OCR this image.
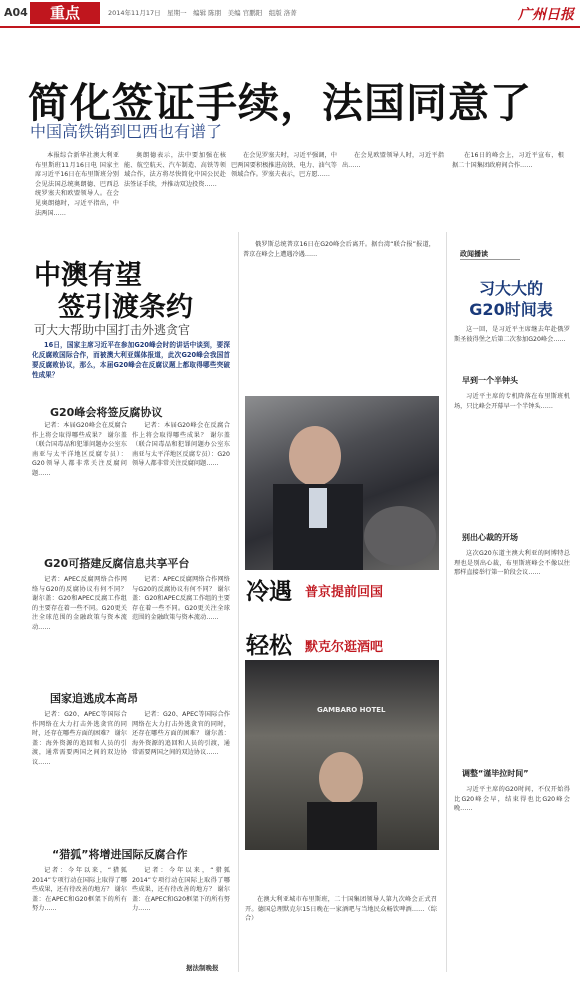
A04	重点	2014年11月17日　星期一　编辑 陈朋　美编 官鹏阳　组版 洛菁	广州日报
简化签证手续，法国同意了
中国高铁销到巴西也有谱了

本报综合新华社澳大利亚布里斯班11月16日电 国家主席习近平16日在布里斯班分别会见法国总统奥朗德、巴西总统罗塞夫和欧盟领导人。在会见奥朗德时，习近平指出，中法两国……

奥朗德表示，法中要加强在核能、航空航天、汽车制造、高铁等领域合作，法方将尽快简化中国公民赴法签证手续，并推动双边投资……

在会见罗塞夫时，习近平强调，中巴两国要积极推进高铁、电力、油气等领域合作。罗塞夫表示，巴方愿……

在会见欧盟领导人时，习近平指出……

在16日的峰会上，习近平宣布，根据二十国集团政府间合作……

中澳有望
签引渡条约
可大大帮助中国打击外逃贪官

16日，国家主席习近平在参加G20峰会时的讲话中谈到，要深化反腐败国际合作，而被澳大利亚媒体报道，此次G20峰会我国首要反腐败协议，那么，本届G20峰会在反腐议题上都取得哪些突破性成果？

G20峰会将签反腐协议

记者：本届G20峰会在反腐合作上将会取得哪些成果？ 谢尔盖（联合国毒品和犯罪问题办公室东南亚与太平洋地区反腐专员）：G20领导人都非常关注反腐问题……

记者：本届G20峰会在反腐合作上将会取得哪些成果？ 谢尔盖（联合国毒品和犯罪问题办公室东南亚与太平洋地区反腐专员）：G20领导人都非常关注反腐问题……

G20可搭建反腐信息共享平台

记者：APEC反腐网络合作网络与G20的反腐协议有何不同？ 谢尔盖：G20和APEC反腐工作组的主要存在着一些不同。G20更关注全球范围的金融政策与资本流动……

记者：APEC反腐网络合作网络与G20的反腐协议有何不同？ 谢尔盖：G20和APEC反腐工作组的主要存在着一些不同。G20更关注全球范围的金融政策与资本流动……

国家追逃成本高昂

记者：G20、APEC等国际合作网络在大力打击外逃贪官的同时，还存在哪些方面的困难？ 谢尔盖：海外资源的追回和人员的引渡，通常需要两国之间的双边协议……

记者：G20、APEC等国际合作网络在大力打击外逃贪官的同时，还存在哪些方面的困难？ 谢尔盖：海外资源的追回和人员的引渡，通常需要两国之间的双边协议……

“猎狐”将增进国际反腐合作

记者：今年以来，“猎狐2014”专项行动在国际上取得了哪些成果，还有待改善的地方？ 谢尔盖：在APEC和G20框架下的所有努力……

记者：今年以来，“猎狐2014”专项行动在国际上取得了哪些成果，还有待改善的地方？ 谢尔盖：在APEC和G20框架下的所有努力……

据法制晚报

俄罗斯总统普京16日在G20峰会后离开。据台湾“联合报”报道，普京在峰会上遭遇冷遇……

冷遇 普京提前回国
轻松 默克尔逛酒吧
GAMBARO HOTEL

在澳大利亚城市布里斯班，二十国集团领导人第九次峰会正式召开。德国总理默克尔15日晚在一家酒吧与当地民众畅饮啤酒……（综合）

政闻播读
习大大的
G20时间表

这一回，是习近平主席继去年赴俄罗斯圣彼得堡之后第二次参加G20峰会……

早到一个半钟头

习近平主席的专机降落在布里斯班机场，只比峰会开幕早一个半钟头……

别出心裁的开场

这次G20东道主澳大利亚的阿博特总理也是别出心裁，布里斯班峰会不像以往那样直接举行第一阶段会议……

调整“谨毕拉时间”

习近平主席的G20时间，不仅开始得比G20峰会早，结束得也比G20峰会晚……
